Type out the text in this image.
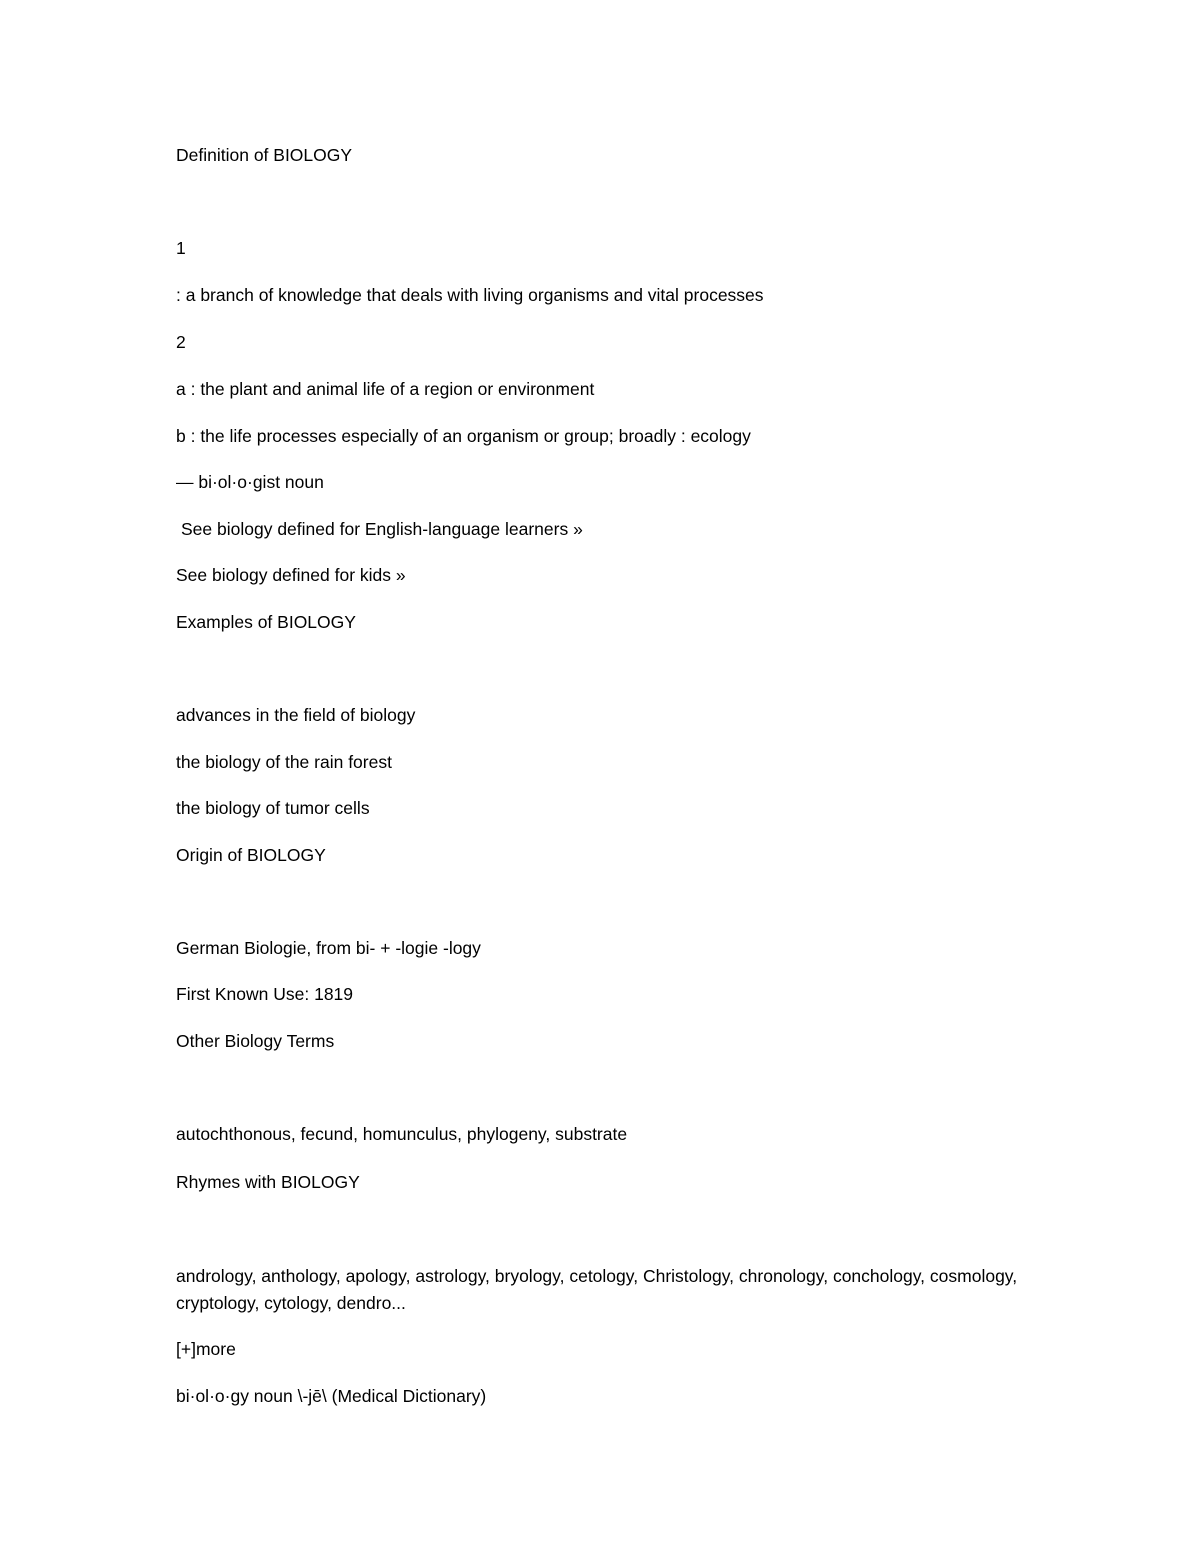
Definition of BIOLOGY
1
: a branch of knowledge that deals with living organisms and vital processes
2
a : the plant and animal life of a region or environment
b : the life processes especially of an organism or group; broadly : ecology
— bi·ol·o·gist noun
See biology defined for English-language learners »
See biology defined for kids »
Examples of BIOLOGY
advances in the field of biology
the biology of the rain forest
the biology of tumor cells
Origin of BIOLOGY
German Biologie, from bi- + -logie -logy
First Known Use: 1819
Other Biology Terms
autochthonous, fecund, homunculus, phylogeny, substrate
Rhymes with BIOLOGY
andrology, anthology, apology, astrology, bryology, cetology, Christology, chronology, conchology, cosmology, cryptology, cytology, dendro...
[+]more
bi·ol·o·gy noun \-jē\ (Medical Dictionary)
